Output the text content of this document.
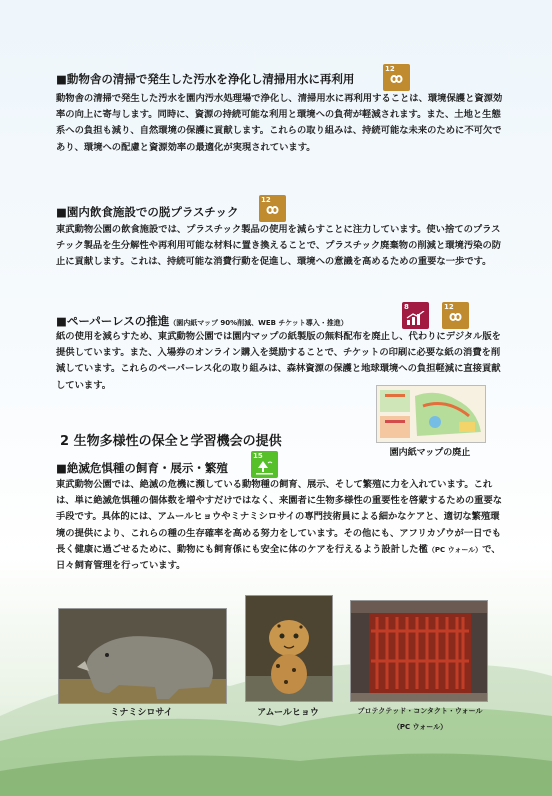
■動物舎の清掃で発生した汚水を浄化し清掃用水に再利用
12
動物舎の清掃で発生した汚水を園内汚水処理場で浄化し、清掃用水に再利用することは、環境保護と資源効率の向上に寄与します。同時に、資源の持続可能な利用と環境への負荷が軽減されます。また、土地と生態系への負担も減り、自然環境の保護に貢献します。これらの取り組みは、持続可能な未来のために不可欠であり、環境への配慮と資源効率の最適化が実現されています。
■園内飲食施設での脱プラスチック
12
東武動物公園の飲食施設では、プラスチック製品の使用を減らすことに注力しています。使い捨てのプラスチック製品を生分解性や再利用可能な材料に置き換えることで、プラスチック廃棄物の削減と環境汚染の防止に貢献します。これは、持続可能な消費行動を促進し、環境への意識を高めるための重要な一歩です。
■ペーパーレスの推進（園内紙マップ 90%削減、WEB チケット導入・推進）
8	12
紙の使用を減らすため、東武動物公園では園内マップの紙製版の無料配布を廃止し、代わりにデジタル版を提供しています。また、入場券のオンライン購入を奨励することで、チケットの印刷に必要な紙の消費を削減しています。これらのペーパーレス化の取り組みは、森林資源の保護と地球環境への負担軽減に直接貢献しています。
園内紙マップの廃止
2 生物多様性の保全と学習機会の提供
■絶滅危惧種の飼育・展示・繁殖
15
東武動物公園では、絶滅の危機に瀕している動物種の飼育、展示、そして繁殖に力を入れています。これは、単に絶滅危惧種の個体数を増やすだけではなく、来園者に生物多様性の重要性を啓蒙するための重要な手段です。具体的には、アムールヒョウやミナミシロサイの専門技術員による細かなケアと、適切な繁殖環境の提供により、これらの種の生存確率を高める努力をしています。その他にも、アフリカゾウが一日でも長く健康に過ごせるために、動物にも飼育係にも安全に体のケアを行えるよう設計した檻（PC ウォール）で、日々飼育管理を行っています。
ミナミシロサイ	アムールヒョウ	プロテクテッド・コンタクト・ウォール
（PC ウォール）
